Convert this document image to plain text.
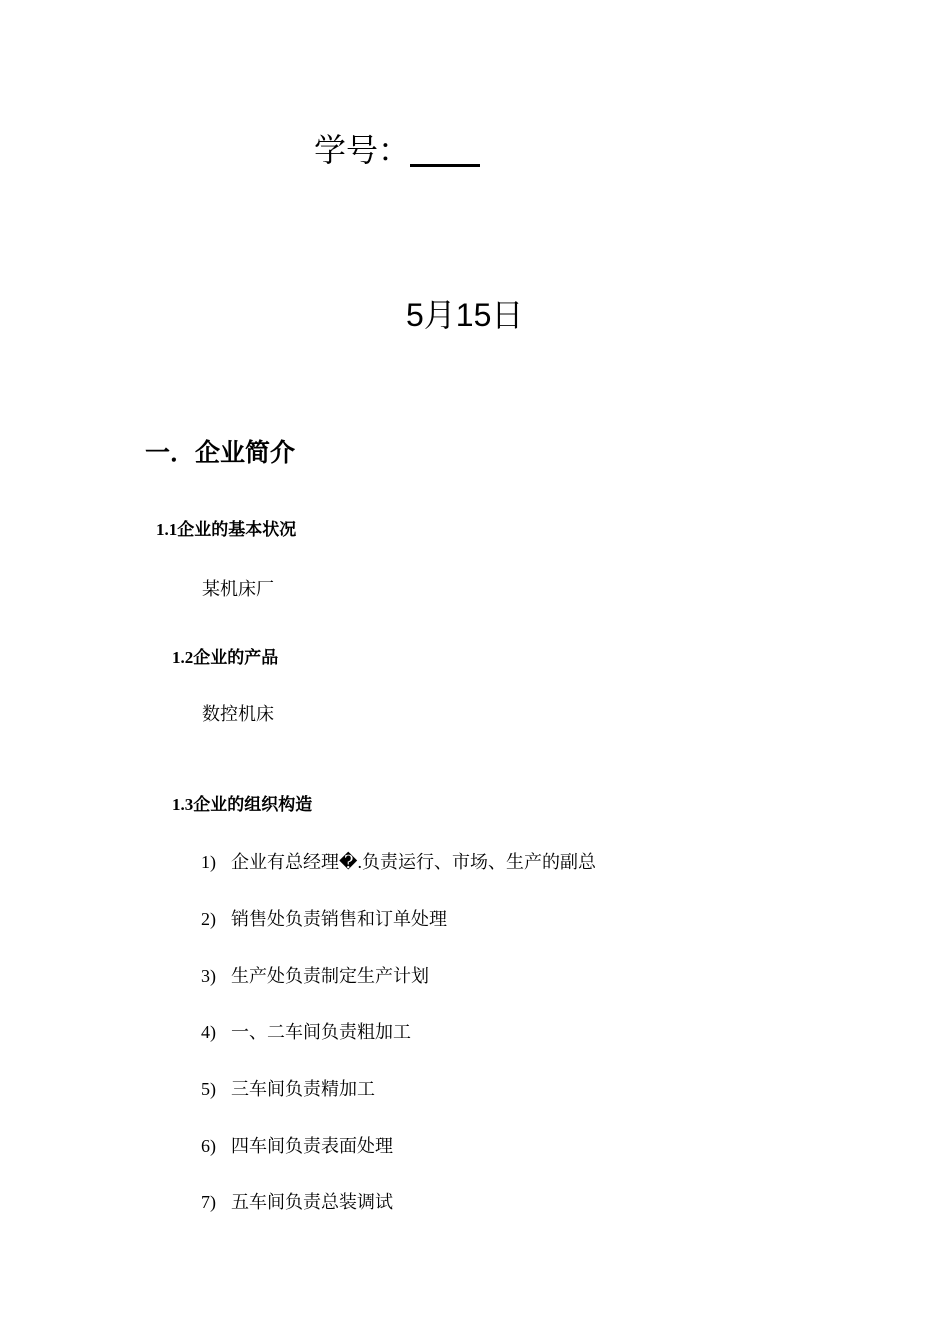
学号：
5月15日
一．企业简介
1.1企业的基本状况
某机床厂
1.2企业的产品
数控机床
1.3企业的组织构造
1) 企业有总经理�.负责运行、市场、生产的副总
2) 销售处负责销售和订单处理
3) 生产处负责制定生产计划
4) 一、二车间负责粗加工
5) 三车间负责精加工
6) 四车间负责表面处理
7) 五车间负责总装调试
